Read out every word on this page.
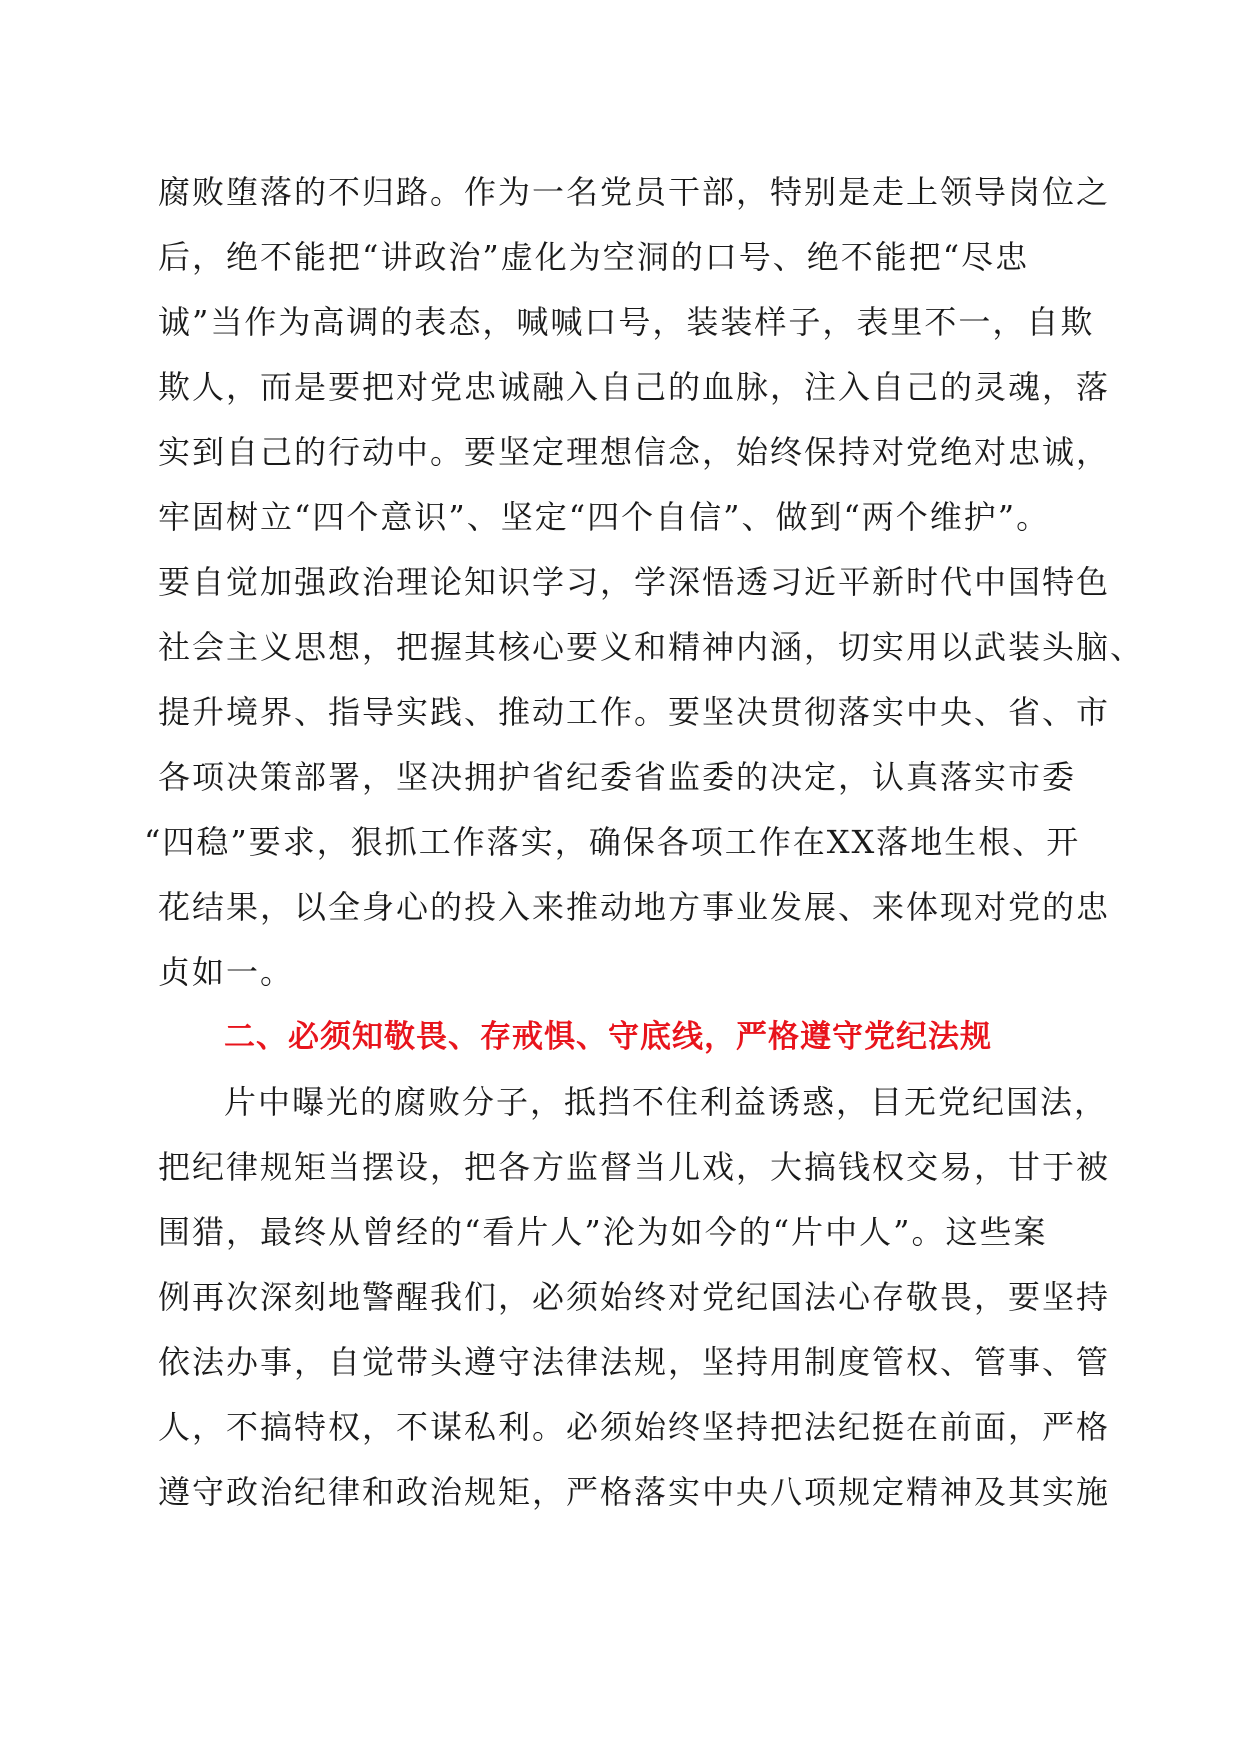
腐败堕落的不归路。作为一名党员干部，特别是走上领导岗位之
后，绝不能把“讲政治”虚化为空洞的口号、绝不能把“尽忠
诚”当作为高调的表态，喊喊口号，装装样子，表里不一，自欺
欺人，而是要把对党忠诚融入自己的血脉，注入自己的灵魂，落
实到自己的行动中。要坚定理想信念，始终保持对党绝对忠诚，
牢固树立“四个意识”、坚定“四个自信”、做到“两个维护”。
要自觉加强政治理论知识学习，学深悟透习近平新时代中国特色
社会主义思想，把握其核心要义和精神内涵，切实用以武装头脑、
提升境界、指导实践、推动工作。要坚决贯彻落实中央、省、市
各项决策部署，坚决拥护省纪委省监委的决定，认真落实市委
“四稳”要求，狠抓工作落实，确保各项工作在XX落地生根、开
花结果，以全身心的投入来推动地方事业发展、来体现对党的忠
贞如一。
二、必须知敬畏、存戒惧、守底线，严格遵守党纪法规
片中曝光的腐败分子，抵挡不住利益诱惑，目无党纪国法，
把纪律规矩当摆设，把各方监督当儿戏，大搞钱权交易，甘于被
围猎，最终从曾经的“看片人”沦为如今的“片中人”。这些案
例再次深刻地警醒我们，必须始终对党纪国法心存敬畏，要坚持
依法办事，自觉带头遵守法律法规，坚持用制度管权、管事、管
人，不搞特权，不谋私利。必须始终坚持把法纪挺在前面，严格
遵守政治纪律和政治规矩，严格落实中央八项规定精神及其实施
